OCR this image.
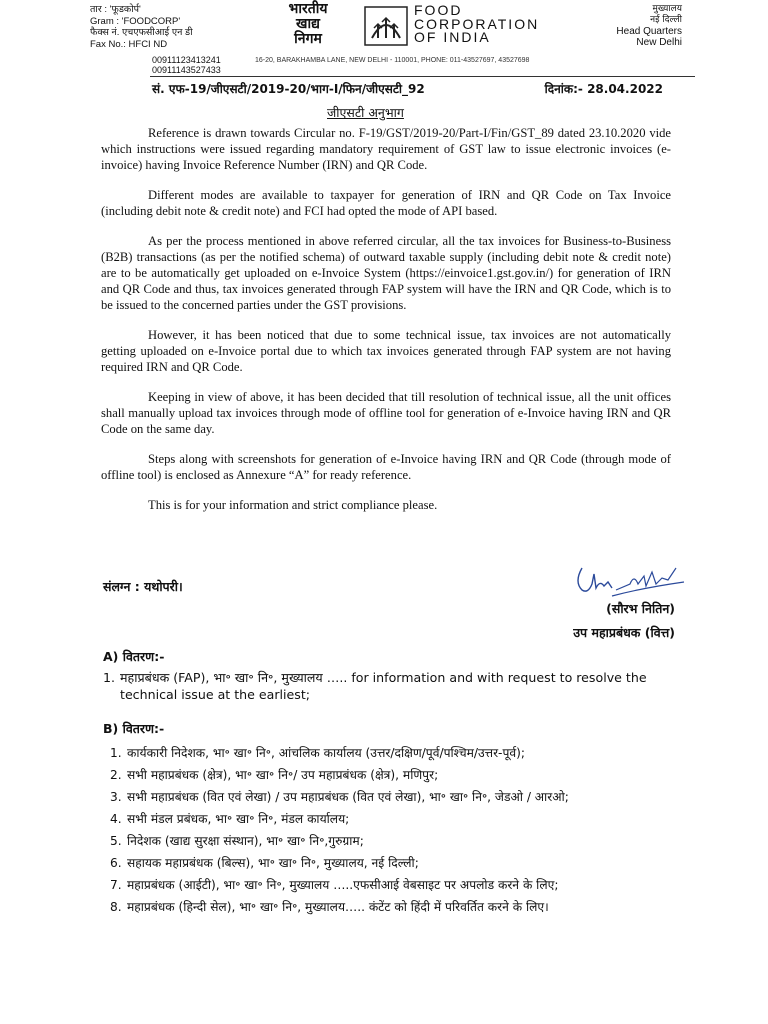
तार : 'फूडकोर्प'
Gram : 'FOODCORP'
फैक्स नं. एचएफसीआई एन डी
Fax No.: HFCI ND
भारतीय
खाद्य
निगम
FOOD
CORPORATION
OF INDIA
मुख्यालय
नई दिल्ली
Head Quarters
New Delhi
00911123413241
00911143527433
16-20, BARAKHAMBA LANE, NEW DELHI - 110001, PHONE: 011-43527697, 43527698
सं. एफ-19/जीएसटी/2019-20/भाग-I/फिन/जीएसटी_92	दिनांक:- 28.04.2022
जीएसटी अनुभाग

Reference is drawn towards Circular no. F-19/GST/2019-20/Part-I/Fin/GST_89 dated 23.10.2020 vide which instructions were issued regarding mandatory requirement of GST law to issue electronic invoices (e-invoice) having Invoice Reference Number (IRN) and QR Code.

Different modes are available to taxpayer for generation of IRN and QR Code on Tax Invoice (including debit note & credit note) and FCI had opted the mode of API based.

As per the process mentioned in above referred circular, all the tax invoices for Business-to-Business (B2B) transactions (as per the notified schema) of outward taxable supply (including debit note & credit note) are to be automatically get uploaded on e-Invoice System (https://einvoice1.gst.gov.in/) for generation of IRN and QR Code and thus, tax invoices generated through FAP system will have the IRN and QR Code, which is to be issued to the concerned parties under the GST provisions.

However, it has been noticed that due to some technical issue, tax invoices are not automatically getting uploaded on e-Invoice portal due to which tax invoices generated through FAP system are not having required IRN and QR Code.

Keeping in view of above, it has been decided that till resolution of technical issue, all the unit offices shall manually upload tax invoices through mode of offline tool for generation of e-Invoice having IRN and QR Code on the same day.

Steps along with screenshots for generation of e-Invoice having IRN and QR Code (through mode of offline tool) is enclosed as Annexure “A” for ready reference.

This is for your information and strict compliance please.

संलग्न : यथोपरी।
(सौरभ नितिन)
उप महाप्रबंधक (वित्त)
A) वितरण:-
1. महाप्रबंधक (FAP), भा॰ खा॰ नि॰, मुख्यालय ….. for information and with request to resolve the technical issue at the earliest;
B) वितरण:-
1. कार्यकारी निदेशक, भा॰ खा॰ नि॰, आंचलिक कार्यालय (उत्तर/दक्षिण/पूर्व/पश्चिम/उत्तर-पूर्व);
2. सभी महाप्रबंधक (क्षेत्र), भा॰ खा॰ नि॰/ उप महाप्रबंधक (क्षेत्र), मणिपुर;
3. सभी महाप्रबंधक (वित एवं लेखा) / उप महाप्रबंधक (वित एवं लेखा), भा॰ खा॰ नि॰, जेडओ / आरओ;
4. सभी मंडल प्रबंधक, भा॰ खा॰ नि॰, मंडल कार्यालय;
5. निदेशक (खाद्य सुरक्षा संस्थान), भा॰ खा॰ नि॰,गुरुग्राम;
6. सहायक महाप्रबंधक (बिल्स), भा॰ खा॰ नि॰, मुख्यालय, नई दिल्ली;
7. महाप्रबंधक (आईटी), भा॰ खा॰ नि॰, मुख्यालय …..एफसीआई वेबसाइट पर अपलोड करने के लिए;
8. महाप्रबंधक (हिन्दी सेल), भा॰ खा॰ नि॰, मुख्यालय….. कंटेंट को हिंदी में परिवर्तित करने के लिए।
